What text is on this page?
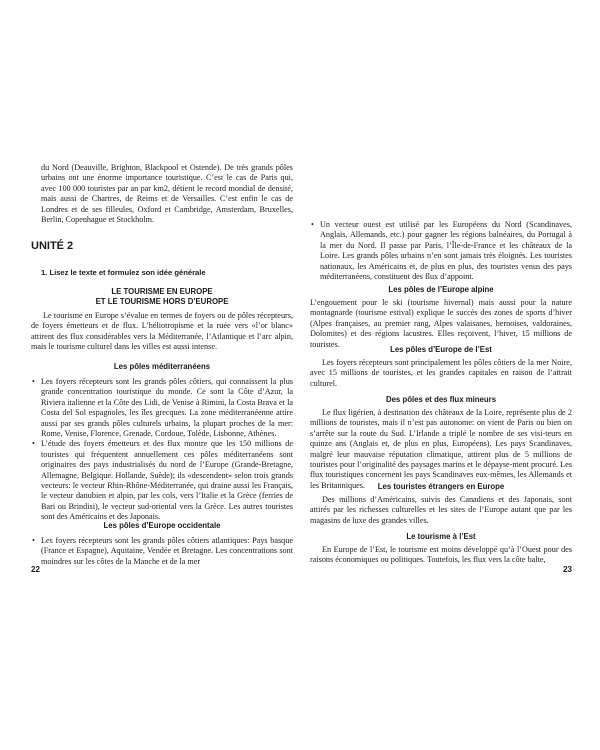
du Nord (Deauville, Brighton, Blackpool et Ostende). De très grands pôles urbains ont une énorme importance touristique. C’est le cas de Paris qui, avec 100 000 touristes par an par km2, détient le record mondial de densité, mais aussi de Chartres, de Reims et de Versailles. C’est enfin le cas de Londres et de ses filleules, Oxford et Cambridge, Amsterdam, Bruxelles, Berlin, Copenhague et Stockholm.

UNITÉ 2
1. Lisez le texte et formulez son idée générale
LE TOURISME EN EUROPE
ET LE TOURISME HORS D’EUROPE

Le tourisme en Europe s’évalue en termes de foyers ou de pôles récepteurs, de foyers émetteurs et de flux. L’héliotropisme et la ruée vers «l’or blanc» attirent des flux considérables vers la Méditerranée, l’Atlantique et l’arc alpin, mais le tourisme culturel dans les villes est aussi intense.

Les pôles méditerranéens
• Les foyers récepteurs sont les grands pôles côtiers, qui connaissent la plus grande concentration touristique du monde. Ce sont la Côte d’Azur, la Riviera italienne et la Côte des Lidi, de Venise à Rimini, la Costa Brava et la Costa del Sol espagnoles, les îles grecques. La zone méditerranéenne attire aussi par ses grands pôles culturels urbains, la plupart proches de la mer: Rome, Venise, Florence, Grenade, Cordoue, Tolède, Lisbonne, Athènes.
• L’étude des foyers émetteurs et des flux montre que les 150 millions de touristes qui fréquentent annuellement ces pôles méditerranéens sont originaires des pays industrialisés du nord de l’Europe (Grande-Bretagne, Allemagne, Belgique. Hollande, Suède); ils «descendent» selon trois grands vecteurs: le vecteur Rhin-Rhône-Méditerranée, qui draine aussi les Français, le vecteur danubien et alpin, par les cols, vers l’Italie et la Grèce (ferries de Bari ou Brindisi), le vecteur sud-oriental vers la Grèce. Les autres touristes sont des Américains et des Japonais.
Les pôles d’Europe occidentale
• Les foyers récepteurs sont les grands pôles côtiers atlantiques: Pays basque (France et Espagne), Aquitaine, Vendée et Bretagne. Les concentrations sont moindres sur les côtes de la Manche et de la mer
22
• Un vecteur ouest est utilisé par les Européens du Nord (Scandinaves, Anglais, Allemands, etc.) pour gagner les régions balnéaires, du Portugal à la mer du Nord. Il passe par Paris, l’Île-de-France et les châteaux de la Loire. Les grands pôles urbains n’en sont jamais très éloignés. Les touristes nationaux, les Américains et, de plus en plus, des touristes venus des pays méditerranéens, constituent des flux d’appoint.
Les pôles de l’Europe alpine

L’engouement pour le ski (tourisme hivernal) mais aussi pour la nature montagnarde (tourisme estival) explique le succès des zones de sports d’hiver (Alpes françaises, au premier rang, Alpes valaisanes, bernoises, valdoraines, Dolomites) et des régions lacustres. Elles reçoivent, l’hiver, 15 millions de touristes.

Les pôles d’Europe de l’Est

Les foyers récepteurs sont principalement les pôles côtiers de la mer Noire, avec 15 millions de touristes, et les grandes capitales en raison de l’attrait culturel.

Des pôles et des flux mineurs

Le flux ligérien, à destination des châteaux de la Loire, représente plus de 2 millions de touristes, mais il n’est pas autonome: on vient de Paris ou bien on s’arrête sur la route du Sud. L’Irlande a triplé le nombre de ses visi-teurs en quinze ans (Anglais et, de plus en plus, Européens). Les pays Scandinaves, malgré leur mauvaise réputation climatique, attirent plus de 5 millions de touristes pour l’originalité des paysages marins et le dépayse-ment procuré. Les flux touristiques concernent les pays Scandinaves eux-mêmes, les Allemands et les Britanniques.	Les touristes étrangers en Europe

Des millions d’Américains, suivis des Canadiens et des Japonais, sont attirés par les richesses culturelles et les sites de l’Europe autant que par les magasins de luxe des grandes villes.

Le tourisme à l’Est

En Europe de l’Est, le tourisme est moins développé qu’à l’Ouest pour des raisons économiques ou politiques. Toutefois, les flux vers la côte balte,

23
